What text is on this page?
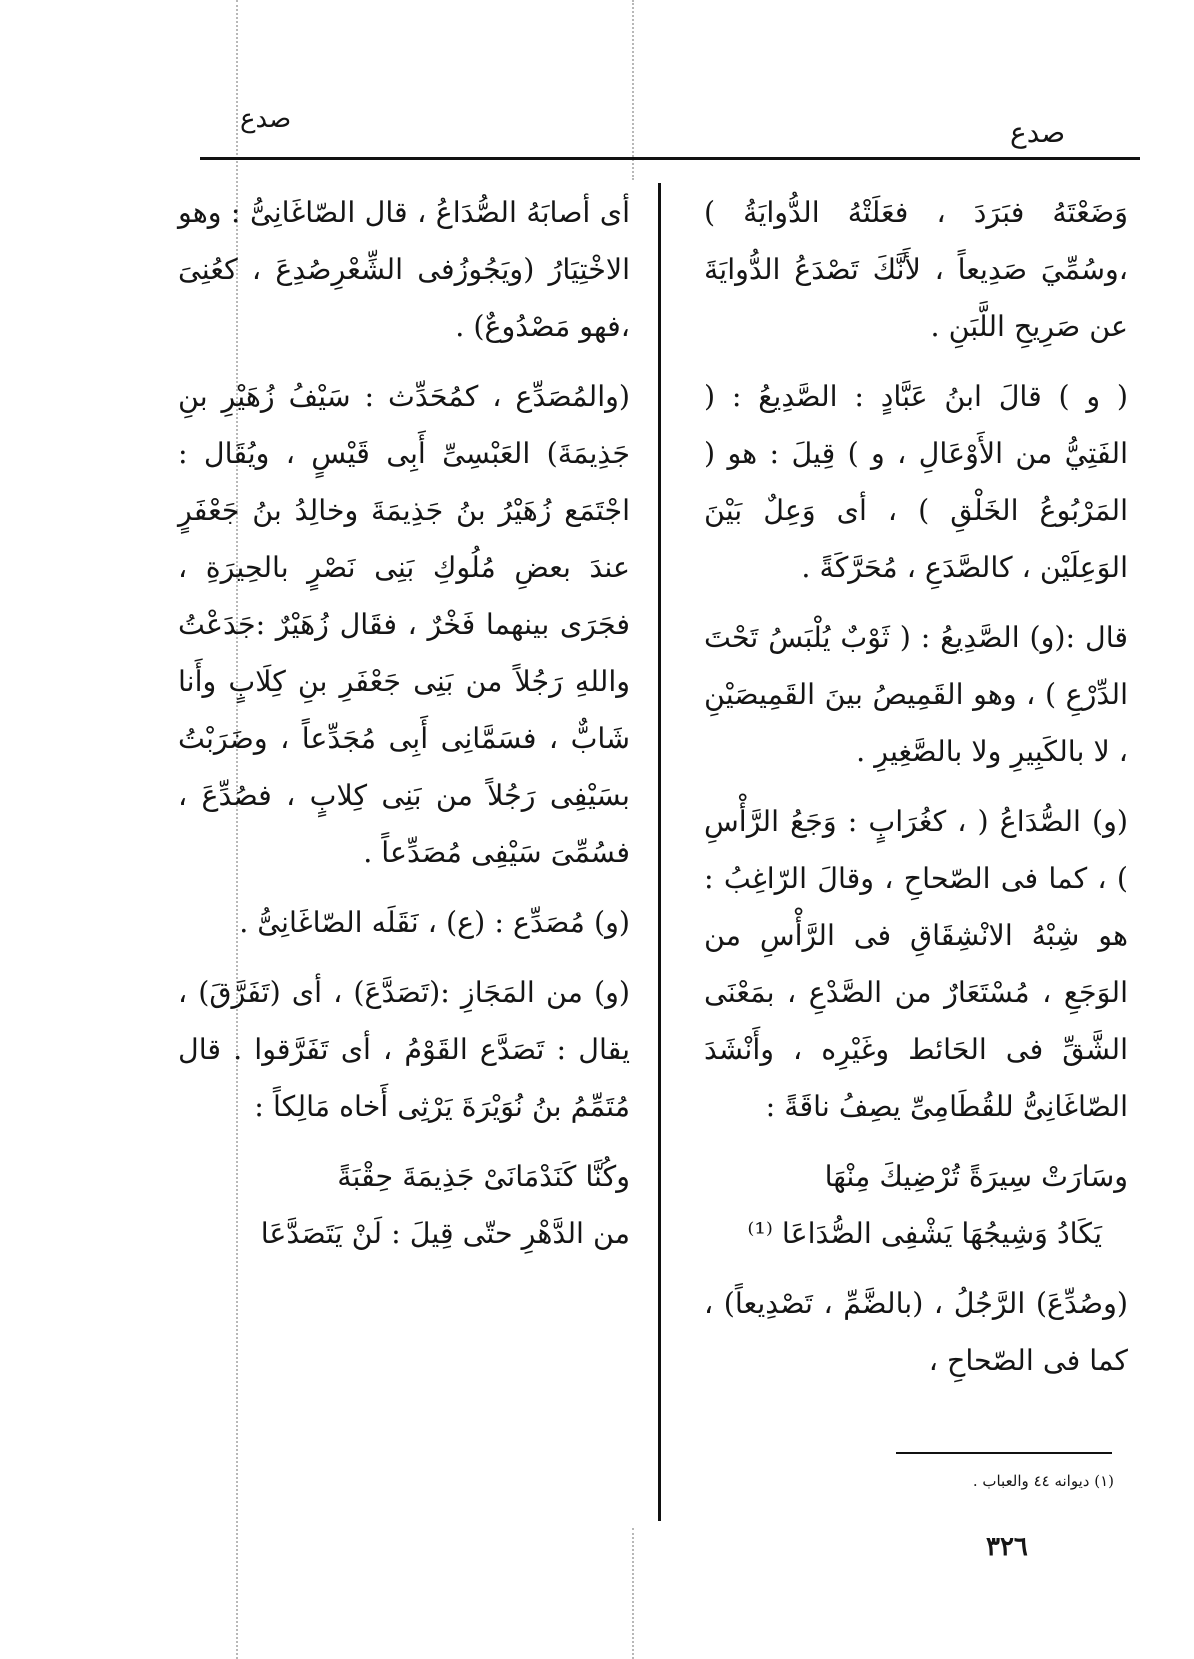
صدع	صدع

وَضَعْتَهُ فبَرَدَ ، فعَلَتْهُ الدُّوايَةُ ) ،وسُمِّيَ صَدِيعاً ، لأَنَّكَ تَصْدَعُ الدُّوايَةَ عن صَرِيحِ اللَّبَنِ .

( و ) قالَ ابنُ عَبَّادٍ : الصَّدِيعُ : ( الفَتِيُّ من الأَوْعَالِ ، و ) قِيلَ : هو ( المَرْبُوعُ الخَلْقِ ) ، أى وَعِلٌ بَيْنَ الوَعِلَيْن ، كالصَّدَعِ ، مُحَرَّكَةً .

قال :(و) الصَّدِيعُ : ( ثَوْبٌ يُلْبَسُ تَحْتَ الدِّرْعِ ) ، وهو القَمِيصُ بينَ القَمِيصَيْنِ ، لا بالكَبِيرِ ولا بالصَّغِيرِ .

(و) الصُّدَاعُ ( ، كغُرَابٍ : وَجَعُ الرَّأْسِ ) ، كما فى الصّحاحِ ، وقالَ الرّاغِبُ : هو شِبْهُ الانْشِقَاقِ فى الرَّأْسِ من الوَجَعِ ، مُسْتَعَارٌ من الصَّدْعِ ، بمَعْنَى الشَّقِّ فى الحَائط وغَيْرِه ، وأَنْشَدَ الصّاغَانِىُّ للقُطَامِىِّ يصِفُ ناقَةً :

وسَارَتْ سِيرَةً تُرْضِيكَ مِنْهَا
يَكَادُ وَشِيجُهَا يَشْفِى الصُّدَاعَا ⁽¹⁾

(وصُدِّعَ) الرَّجُلُ ، (بالضَّمِّ ، تَصْدِيعاً) ، كما فى الصّحاحِ ،

أى أصابَهُ الصُّدَاعُ ، قال الصّاغَانِىُّ : وهو الاخْتِيَارُ (ويَجُوزُفى الشِّعْرِصُدِعَ ، كعُنِىَ ،فهو مَصْدُوعٌ) .

(والمُصَدِّع ، كمُحَدِّث : سَيْفُ زُهَيْرِ بنِ جَذِيمَةَ) العَبْسِىِّ أَبِى قَيْسٍ ، ويُقَال : اجْتَمَع زُهَيْرُ بنُ جَذِيمَةَ وخالِدُ بنُ جَعْفَرٍ عندَ بعضِ مُلُوكِ بَنِى نَصْرٍ بالحِيرَةِ ، فجَرَى بينهما فَخْرٌ ، فقَال زُهَيْرٌ :جَدَعْتُ واللهِ رَجُلاً من بَنِى جَعْفَرِ بنِ كِلَابٍ وأَنا شَابٌّ ، فسَمَّانِى أَبِى مُجَدِّعاً ، وضَرَبْتُ بسَيْفِى رَجُلاً من بَنِى كِلابٍ ، فصُدِّعَ ، فسُمِّىَ سَيْفِى مُصَدِّعاً .

(و) مُصَدِّع : (ع) ، نَقَلَه الصّاغَانِىُّ .

(و) من المَجَازِ :(تَصَدَّعَ) ، أى (تَفَرَّقَ) ، يقال : تَصَدَّع القَوْمُ ، أى تَفَرَّقوا . قال مُتَمِّمُ بنُ نُوَيْرَةَ يَرْثِى أَخاه مَالِكاً :

وكُنَّا كَنَدْمَانَىْ جَذِيمَةَ حِقْبَةً
من الدَّهْرِ حتّى قِيلَ : لَنْ يَتَصَدَّعَا
(١) ديوانه ٤٤ والعباب .
٣٢٦
